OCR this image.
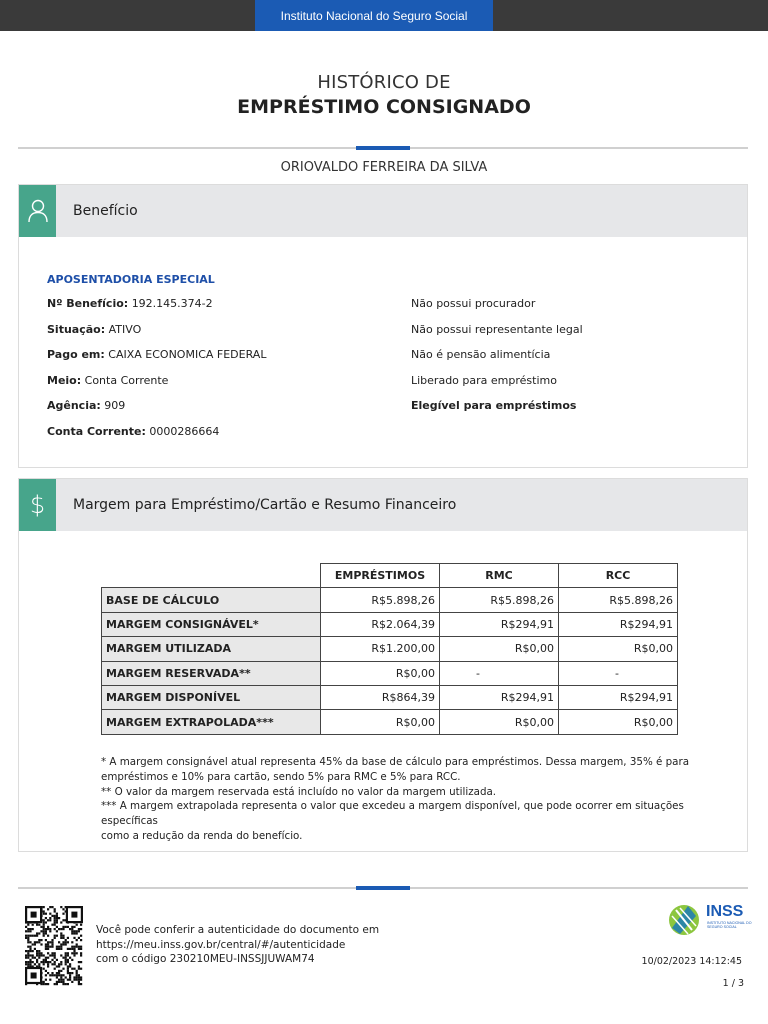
Instituto Nacional do Seguro Social
HISTÓRICO DE
EMPRÉSTIMO CONSIGNADO
ORIOVALDO FERREIRA DA SILVA
Benefício
APOSENTADORIA ESPECIAL
Nº Benefício: 192.145.374-2
Situação: ATIVO
Pago em: CAIXA ECONOMICA FEDERAL
Meio: Conta Corrente
Agência: 909
Conta Corrente: 0000286664
Não possui procurador
Não possui representante legal
Não é pensão alimentícia
Liberado para empréstimo
Elegível para empréstimos
$ Margem para Empréstimo/Cartão e Resumo Financeiro
	EMPRÉSTIMOS	RMC	RCC
BASE DE CÁLCULO	R$5.898,26	R$5.898,26	R$5.898,26
MARGEM CONSIGNÁVEL*	R$2.064,39	R$294,91	R$294,91
MARGEM UTILIZADA	R$1.200,00	R$0,00	R$0,00
MARGEM RESERVADA**	R$0,00	-	-
MARGEM DISPONÍVEL	R$864,39	R$294,91	R$294,91
MARGEM EXTRAPOLADA***	R$0,00	R$0,00	R$0,00
* A margem consignável atual representa 45% da base de cálculo para empréstimos. Dessa margem, 35% é para
empréstimos e 10% para cartão, sendo 5% para RMC e 5% para RCC.
** O valor da margem reservada está incluído no valor da margem utilizada.
*** A margem extrapolada representa o valor que excedeu a margem disponível, que pode ocorrer em situações específicas
como a redução da renda do benefício.
Você pode conferir a autenticidade do documento em
https://meu.inss.gov.br/central/#/autenticidade
com o código 230210MEU-INSSJJUWAM74
INSS
INSTITUTO NACIONAL DO SEGURO SOCIAL
10/02/2023 14:12:45
1 / 3
